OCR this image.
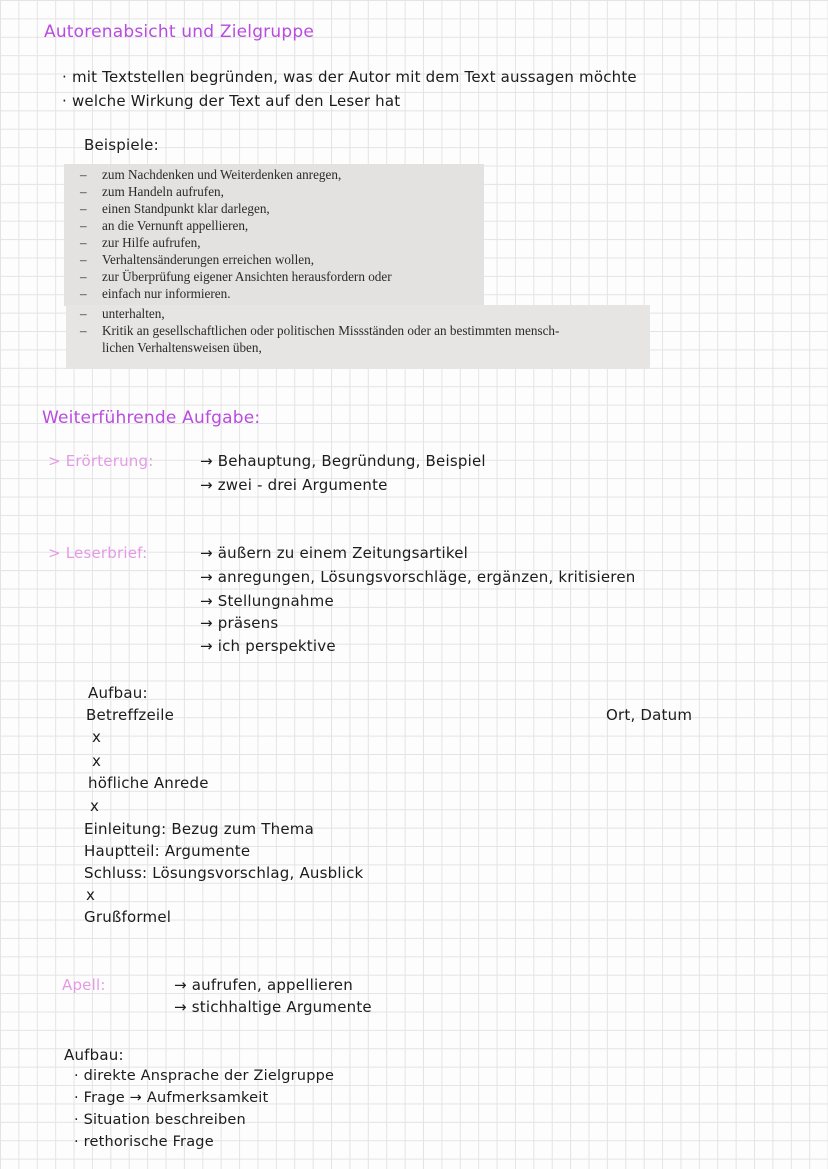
Autorenabsicht und Zielgruppe
· mit Textstellen begründen, was der Autor mit dem Text aussagen möchte
· welche Wirkung der Text auf den Leser hat
Beispiele:
– zum Nachdenken und Weiterdenken anregen,
– zum Handeln aufrufen,
– einen Standpunkt klar darlegen,
– an die Vernunft appellieren,
– zur Hilfe aufrufen,
– Verhaltensänderungen erreichen wollen,
– zur Überprüfung eigener Ansichten herausfordern oder
– einfach nur informieren.
– unterhalten,
– Kritik an gesellschaftlichen oder politischen Missständen oder an bestimmten mensch-
lichen Verhaltensweisen üben,
Weiterführende Aufgabe:
> Erörterung:	→ Behauptung, Begründung, Beispiel
→ zwei - drei Argumente
> Leserbrief:	→ äußern zu einem Zeitungsartikel
→ anregungen, Lösungsvorschläge, ergänzen, kritisieren
→ Stellungnahme
→ präsens
→ ich perspektive
Aufbau:
Betreffzeile	Ort, Datum
x
x
höfliche Anrede
x
Einleitung: Bezug zum Thema
Hauptteil: Argumente
Schluss: Lösungsvorschlag, Ausblick
x
Grußformel
Apell:	→ aufrufen, appellieren
→ stichhaltige Argumente
Aufbau:
· direkte Ansprache der Zielgruppe
· Frage → Aufmerksamkeit
· Situation beschreiben
· rethorische Frage
